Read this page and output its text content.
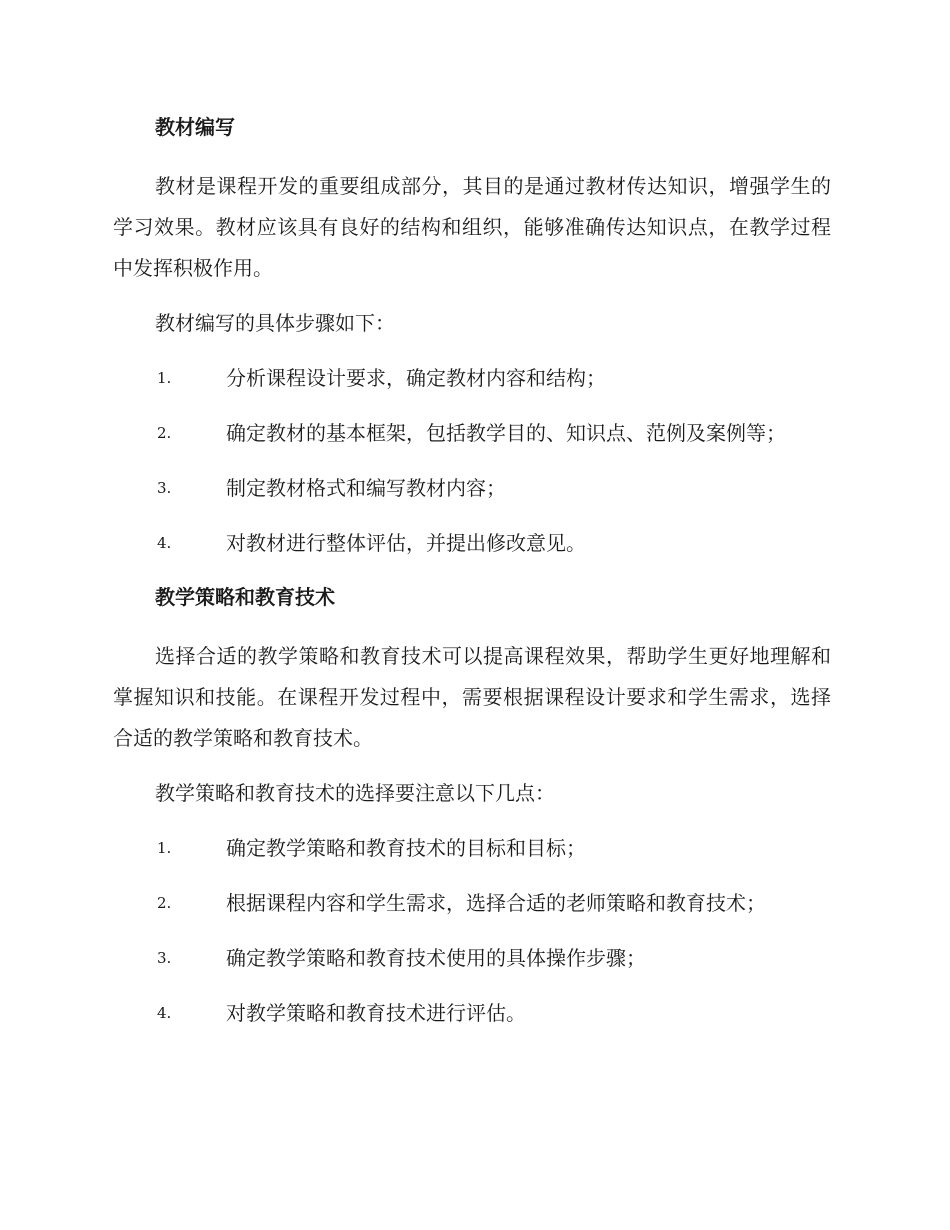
教材编写

教材是课程开发的重要组成部分，其目的是通过教材传达知识，增强学生的学习效果。教材应该具有良好的结构和组织，能够准确传达知识点，在教学过程中发挥积极作用。

教材编写的具体步骤如下：

1.	分析课程设计要求，确定教材内容和结构；
2.	确定教材的基本框架，包括教学目的、知识点、范例及案例等；
3.	制定教材格式和编写教材内容；
4.	对教材进行整体评估，并提出修改意见。
教学策略和教育技术

选择合适的教学策略和教育技术可以提高课程效果，帮助学生更好地理解和掌握知识和技能。在课程开发过程中，需要根据课程设计要求和学生需求，选择合适的教学策略和教育技术。

教学策略和教育技术的选择要注意以下几点：

1.	确定教学策略和教育技术的目标和目标；
2.	根据课程内容和学生需求，选择合适的老师策略和教育技术；
3.	确定教学策略和教育技术使用的具体操作步骤；
4.	对教学策略和教育技术进行评估。
